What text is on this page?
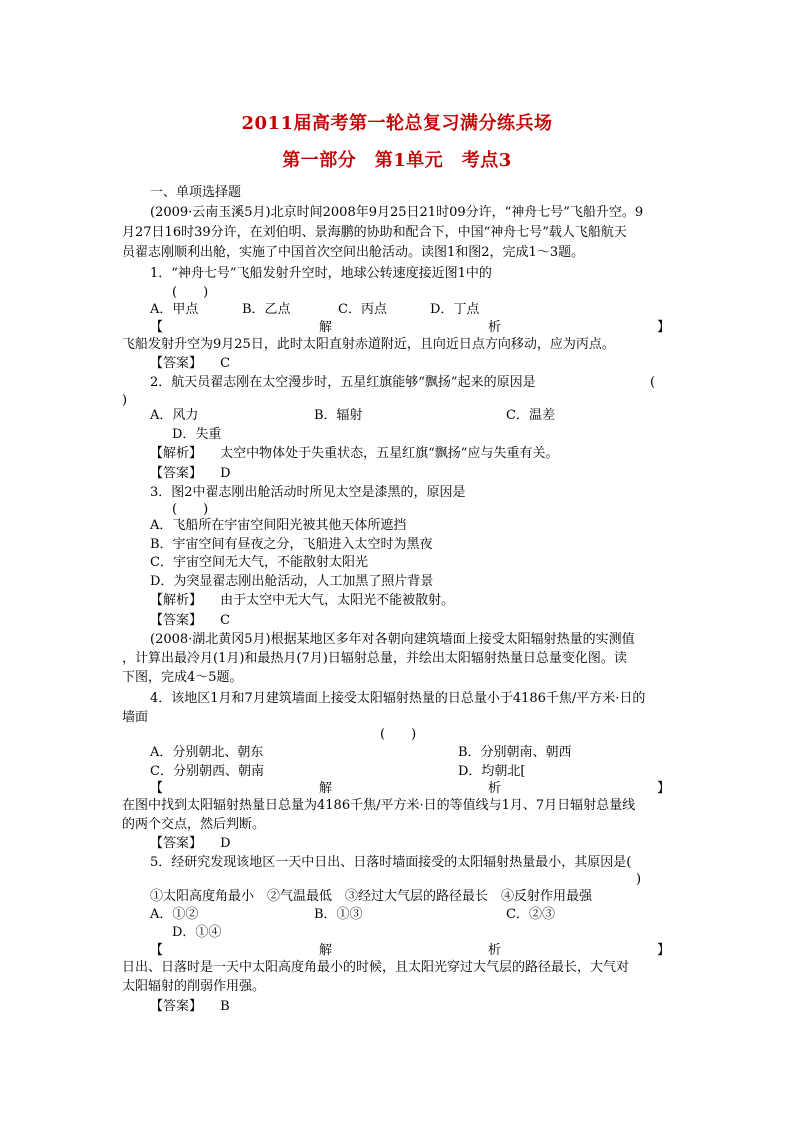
2011届高考第一轮总复习满分练兵场
第一部分　第1单元　考点3
一、单项选择题
(2009·云南玉溪5月)北京时间2008年9月25日21时09分许，“神舟七号”飞船升空。9
月27日16时39分许，在刘伯明、景海鹏的协助和配合下，中国“神舟七号”载人飞船航天
员翟志刚顺利出舱，实施了中国首次空间出舱活动。读图1和图2，完成1～3题。
1．“神舟七号”飞船发射升空时，地球公转速度接近图1中的
(　　)
A．甲点	B．乙点	C．丙点	D．丁点
【	解	析	】
飞船发射升空为9月25日，此时太阳直射赤道附近，且向近日点方向移动，应为丙点。
【答案】 C
2．航天员翟志刚在太空漫步时，五星红旗能够“飘扬”起来的原因是	(
)
A．风力	B．辐射	C．温差
D．失重
【解析】 太空中物体处于失重状态，五星红旗“飘扬”应与失重有关。
【答案】 D
3．图2中翟志刚出舱活动时所见太空是漆黑的，原因是
(　　)
A．飞船所在宇宙空间阳光被其他天体所遮挡
B．宇宙空间有昼夜之分，飞船进入太空时为黑夜
C．宇宙空间无大气，不能散射太阳光
D．为突显翟志刚出舱活动，人工加黑了照片背景
【解析】 由于太空中无大气，太阳光不能被散射。
【答案】 C
(2008·湖北黄冈5月)根据某地区多年对各朝向建筑墙面上接受太阳辐射热量的实测值
，计算出最冷月(1月)和最热月(7月)日辐射总量，并绘出太阳辐射热量日总量变化图。读
下图，完成4～5题。
4．该地区1月和7月建筑墙面上接受太阳辐射热量的日总量小于4186千焦/平方米·日的
墙面
(　　)
A．分别朝北、朝东	B．分别朝南、朝西
C．分别朝西、朝南	D．均朝北[
【	解	析	】
在图中找到太阳辐射热量日总量为4186千焦/平方米·日的等值线与1月、7月日辐射总量线
的两个交点，然后判断。
【答案】 D
5．经研究发现该地区一天中日出、日落时墙面接受的太阳辐射热量最小，其原因是(
)
①太阳高度角最小　②气温最低　③经过大气层的路径最长　④反射作用最强
A．①②	B．①③	C．②③
D．①④
【	解	析	】
日出、日落时是一天中太阳高度角最小的时候，且太阳光穿过大气层的路径最长，大气对
太阳辐射的削弱作用强。
【答案】 B
